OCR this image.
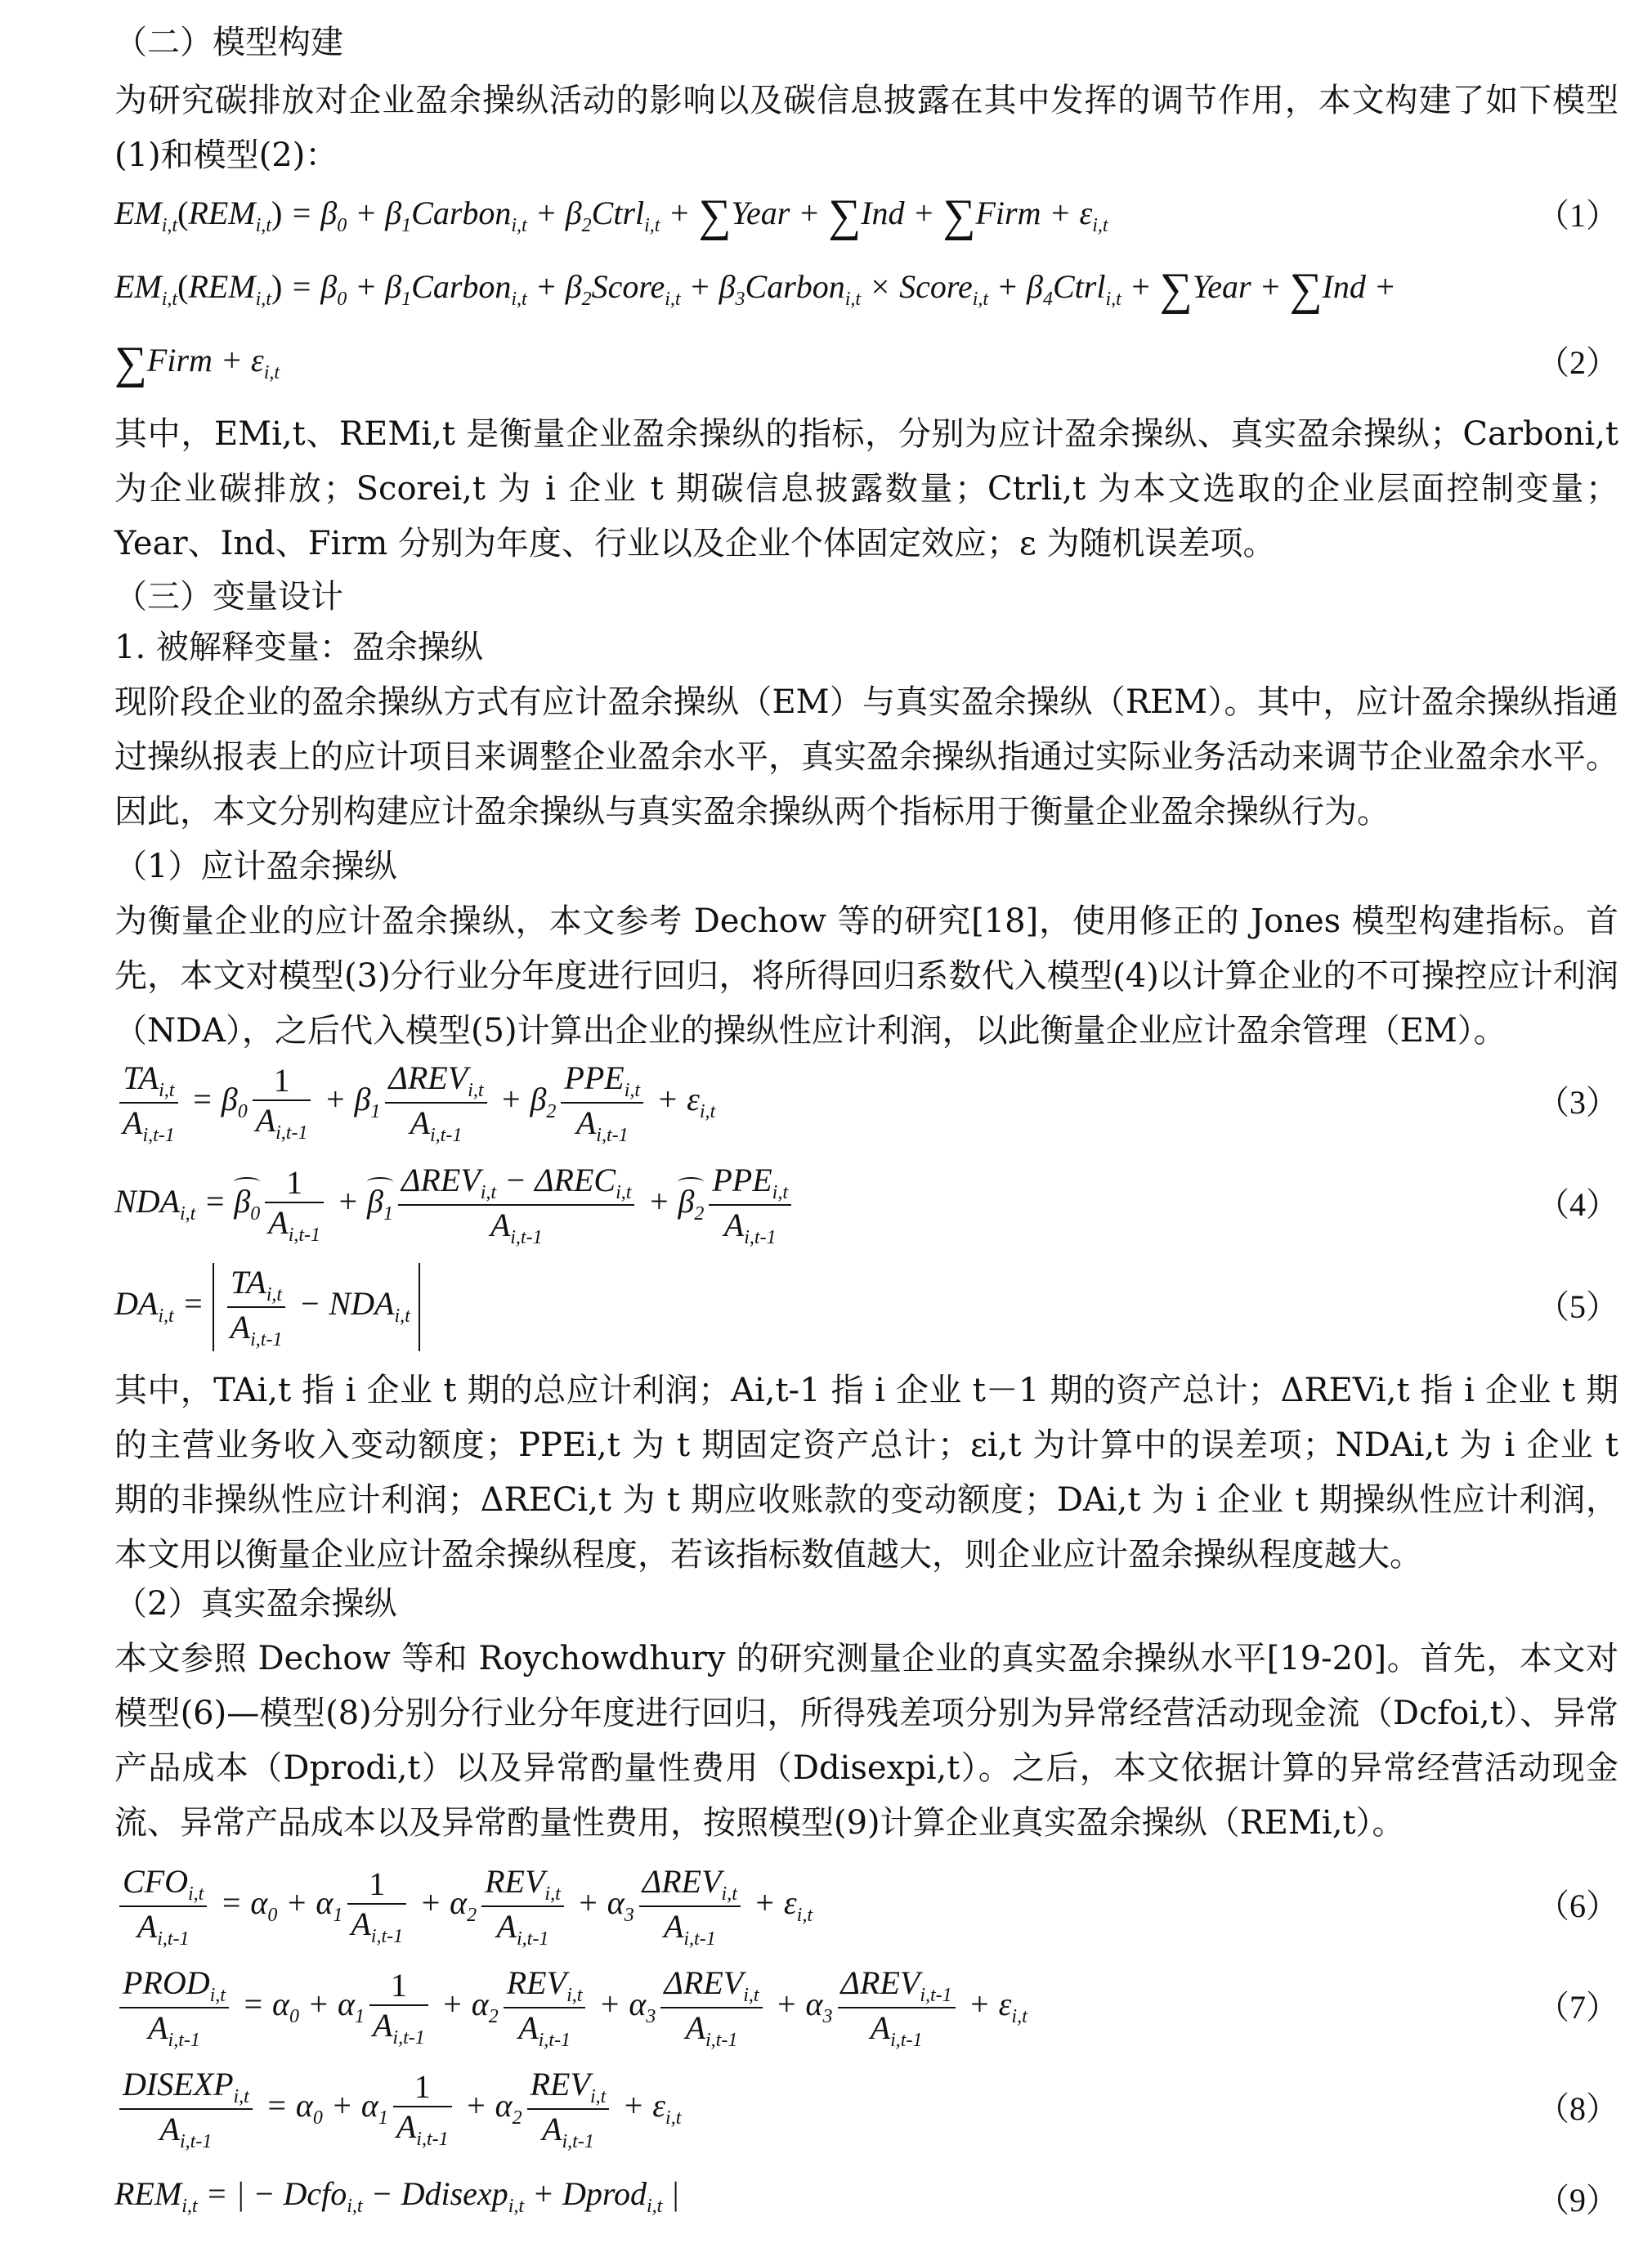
（二）模型构建

为研究碳排放对企业盈余操纵活动的影响以及碳信息披露在其中发挥的调节作用，本文构建了如下模型(1)和模型(2)：

$EM_{i,t}(REM_{i,t}) = \beta_0$ + $\beta_1Carbon_{i,t}$ + $\beta_2Ctrl_{i,t}$ + ∑Year + ∑Ind + ∑Firm + $\varepsilon_{i,t}$	（1）
$EM_{i,t}(REM_{i,t}) = \beta_0$ + $\beta_1Carbon_{i,t}$ + $\beta_2Score_{i,t}$ + $\beta_3Carbon_{i,t}$ × Score$_{i,t}$ + $\beta_4Ctrl_{i,t}$ + ∑Year + ∑Ind +
∑Firm + $\varepsilon_{i,t}$	（2）

其中，EMi,t、REMi,t 是衡量企业盈余操纵的指标，分别为应计盈余操纵、真实盈余操纵；Carboni,t 为企业碳排放；Scorei,t 为 i 企业 t 期碳信息披露数量；Ctrli,t 为本文选取的企业层面控制变量；Year、Ind、Firm 分别为年度、行业以及企业个体固定效应；ε 为随机误差项。

（三）变量设计

1. 被解释变量：盈余操纵

现阶段企业的盈余操纵方式有应计盈余操纵（EM）与真实盈余操纵（REM）。其中，应计盈余操纵指通过操纵报表上的应计项目来调整企业盈余水平，真实盈余操纵指通过实际业务活动来调节企业盈余水平。因此，本文分别构建应计盈余操纵与真实盈余操纵两个指标用于衡量企业盈余操纵行为。

（1）应计盈余操纵

为衡量企业的应计盈余操纵，本文参考 Dechow 等的研究[18]，使用修正的 Jones 模型构建指标。首先，本文对模型(3)分行业分年度进行回归，将所得回归系数代入模型(4)以计算企业的不可操控应计利润（NDA），之后代入模型(5)计算出企业的操纵性应计利润，以此衡量企业应计盈余管理（EM）。

$\frac{TA_{i,t}}{A_{i,t-1}} = \beta_0 \frac{1}{A_{i,t-1}} + \beta_1 \frac{\Delta REV_{i,t}}{A_{i,t-1}} + \beta_2 \frac{PPE_{i,t}}{A_{i,t-1}} + \varepsilon_{i,t}$	（3）
$NDA_{i,t} = \beta_0 \frac{1}{A_{i,t-1}} + \beta_1 \frac{\Delta REV_{i,t} - \Delta REC_{i,t}}{A_{i,t-1}} + \beta_2 \frac{PPE_{i,t}}{A_{i,t-1}}$	（4）
$DA_{i,t} = \frac{TA_{i,t}}{A_{i,t-1}} - NDA_{i,t}$	（5）

其中，TAi,t 指 i 企业 t 期的总应计利润；Ai,t-1 指 i 企业 t－1 期的资产总计；ΔREVi,t 指 i 企业 t 期的主营业务收入变动额度；PPEi,t 为 t 期固定资产总计；εi,t 为计算中的误差项；NDAi,t 为 i 企业 t 期的非操纵性应计利润；ΔRECi,t 为 t 期应收账款的变动额度；DAi,t 为 i 企业 t 期操纵性应计利润，本文用以衡量企业应计盈余操纵程度，若该指标数值越大，则企业应计盈余操纵程度越大。

（2）真实盈余操纵

本文参照 Dechow 等和 Roychowdhury 的研究测量企业的真实盈余操纵水平[19-20]。首先，本文对模型(6)—模型(8)分别分行业分年度进行回归，所得残差项分别为异常经营活动现金流（Dcfoi,t）、异常产品成本（Dprodi,t）以及异常酌量性费用（Ddisexpi,t）。之后，本文依据计算的异常经营活动现金流、异常产品成本以及异常酌量性费用，按照模型(9)计算企业真实盈余操纵（REMi,t）。

$\frac{CFO_{i,t}}{A_{i,t-1}} = \alpha_0 + \alpha_1 \frac{1}{A_{i,t-1}} + \alpha_2 \frac{REV_{i,t}}{A_{i,t-1}} + \alpha_3 \frac{\Delta REV_{i,t}}{A_{i,t-1}} + \varepsilon_{i,t}$	（6）
$\frac{PROD_{i,t}}{A_{i,t-1}} = \alpha_0 + \alpha_1 \frac{1}{A_{i,t-1}} + \alpha_2 \frac{REV_{i,t}}{A_{i,t-1}} + \alpha_3 \frac{\Delta REV_{i,t}}{A_{i,t-1}} + \alpha_3 \frac{\Delta REV_{i,t-1}}{A_{i,t-1}} + \varepsilon_{i,t}$	（7）
$\frac{DISEXP_{i,t}}{A_{i,t-1}} = \alpha_0 + \alpha_1 \frac{1}{A_{i,t-1}} + \alpha_2 \frac{REV_{i,t}}{A_{i,t-1}} + \varepsilon_{i,t}$	（8）
$REM_{i,t}$ = | − Dcfo$_{i,t}$ − Ddisexp$_{i,t}$ + Dprod$_{i,t}$ |	（9）
